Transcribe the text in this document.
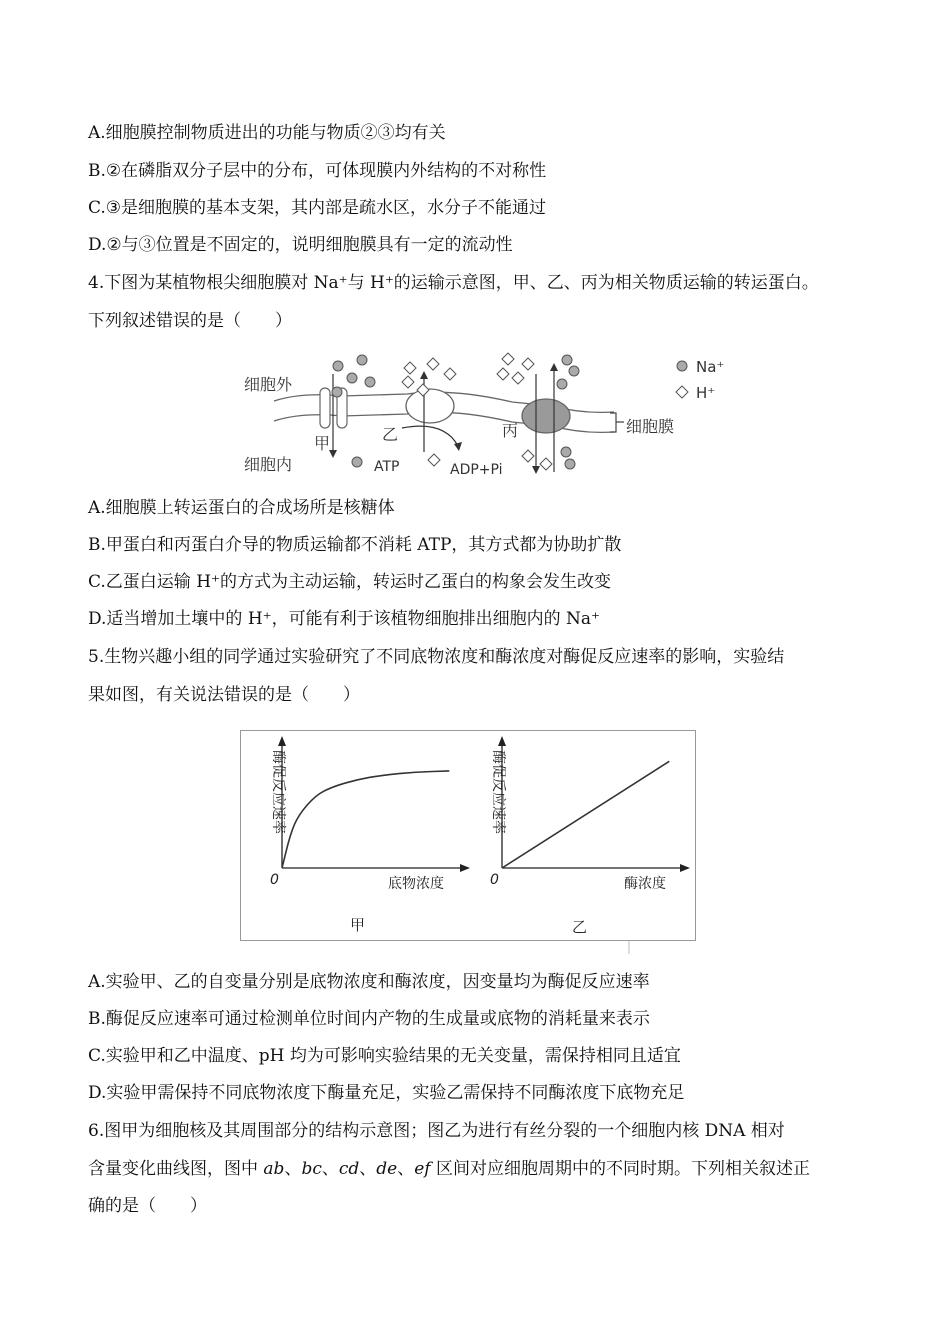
A.细胞膜控制物质进出的功能与物质②③均有关
B.②在磷脂双分子层中的分布，可体现膜内外结构的不对称性
C.③是细胞膜的基本支架，其内部是疏水区，水分子不能通过
D.②与③位置是不固定的，说明细胞膜具有一定的流动性
4.下图为某植物根尖细胞膜对 Na⁺与 H⁺的运输示意图，甲、乙、丙为相关物质运输的转运蛋白。
下列叙述错误的是（　　）
细胞膜
细胞外
细胞内
甲	乙
ATP	ADP+Pi
丙
Na⁺
H⁺
A.细胞膜上转运蛋白的合成场所是核糖体
B.甲蛋白和丙蛋白介导的物质运输都不消耗 ATP，其方式都为协助扩散
C.乙蛋白运输 H⁺的方式为主动运输，转运时乙蛋白的构象会发生改变
D.适当增加土壤中的 H⁺，可能有利于该植物细胞排出细胞内的 Na⁺
5.生物兴趣小组的同学通过实验研究了不同底物浓度和酶浓度对酶促反应速率的影响，实验结
果如图，有关说法错误的是（　　）
0	底物浓度
酶促反应速率
甲
0	酶浓度
酶促反应速率
乙
A.实验甲、乙的自变量分别是底物浓度和酶浓度，因变量均为酶促反应速率
B.酶促反应速率可通过检测单位时间内产物的生成量或底物的消耗量来表示
C.实验甲和乙中温度、pH 均为可影响实验结果的无关变量，需保持相同且适宜
D.实验甲需保持不同底物浓度下酶量充足，实验乙需保持不同酶浓度下底物充足
6.图甲为细胞核及其周围部分的结构示意图；图乙为进行有丝分裂的一个细胞内核 DNA 相对
含量变化曲线图，图中 ab、bc、cd、de、ef 区间对应细胞周期中的不同时期。下列相关叙述正
确的是（　　）
